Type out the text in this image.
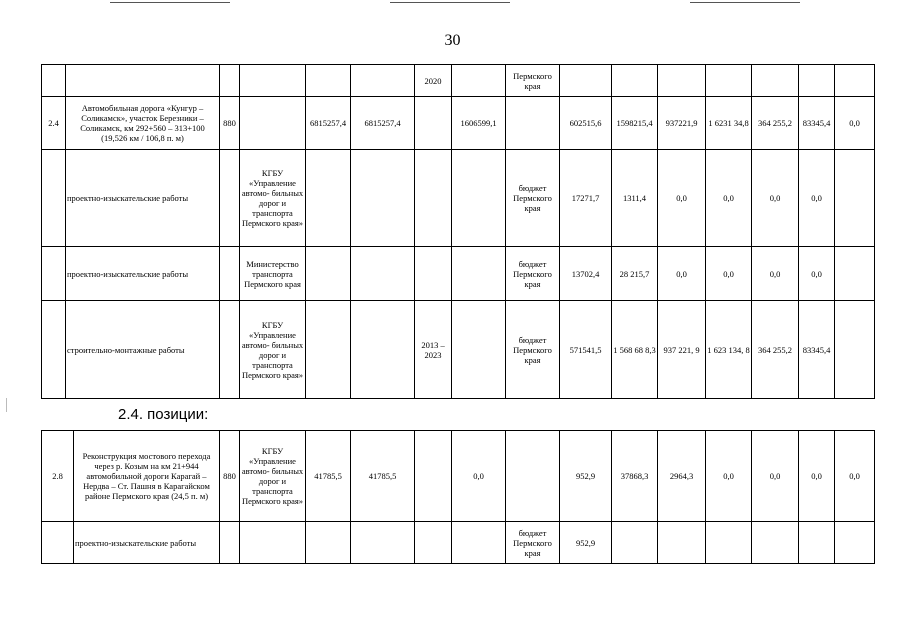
30
						2020		Пермского края							
2.4	Автомобильная дорога «Кунгур – Соликамск», участок Березники – Соликамск, км 292+560 – 313+100 (19,526 км / 106,8 п. м)	880		6815257,4	6815257,4		1606599,1		602515,6	1598215,4	937221,9	1 6231 34,8	364 255,2	83345,4	0,0
	проектно-изыскательские работы		КГБУ «Управление автомо- бильных дорог и транспорта Пермского края»					бюджет Пермского края	17271,7	1311,4	0,0	0,0	0,0	0,0	
	проектно-изыскательские работы		Министерство транспорта Пермского края					бюджет Пермского края	13702,4	28 215,7	0,0	0,0	0,0	0,0	
	строительно-монтажные работы		КГБУ «Управление автомо- бильных дорог и транспорта Пермского края»			2013 – 2023		бюджет Пермского края	571541,5	1 568 68 8,3	937 221, 9	1 623 134, 8	364 255,2	83345,4	
2.4. позиции:
2.8	Реконструкция мостового перехода через р. Козым на км 21+944 автомобильной дороги Карагай – Нердва – Ст. Пашня в Карагайском районе Пермского края (24,5 п. м)	880	КГБУ «Управление автомо- бильных дорог и транспорта Пермского края»	41785,5	41785,5		0,0		952,9	37868,3	2964,3	0,0	0,0	0,0	0,0
	проектно-изыскательские работы							бюджет Пермского края	952,9						
